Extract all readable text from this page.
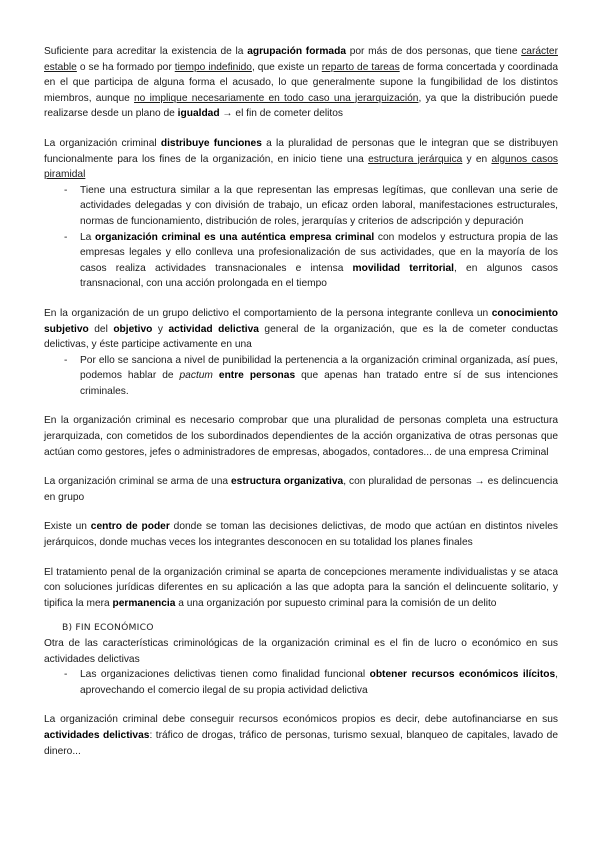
Suficiente para acreditar la existencia de la agrupación formada por más de dos personas, que tiene carácter estable o se ha formado por tiempo indefinido, que existe un reparto de tareas de forma concertada y coordinada en el que participa de alguna forma el acusado, lo que generalmente supone la fungibilidad de los distintos miembros, aunque no implique necesariamente en todo caso una jerarquización, ya que la distribución puede realizarse desde un plano de igualdad → el fin de cometer delitos

La organización criminal distribuye funciones a la pluralidad de personas que le integran que se distribuyen funcionalmente para los fines de la organización, en inicio tiene una estructura jerárquica y en algunos casos piramidal

- Tiene una estructura similar a la que representan las empresas legítimas, que conllevan una serie de actividades delegadas y con división de trabajo, un eficaz orden laboral, manifestaciones estructurales, normas de funcionamiento, distribución de roles, jerarquías y criterios de adscripción y depuración
- La organización criminal es una auténtica empresa criminal con modelos y estructura propia de las empresas legales y ello conlleva una profesionalización de sus actividades, que en la mayoría de los casos realiza actividades transnacionales e intensa movilidad territorial, en algunos casos transnacional, con una acción prolongada en el tiempo

En la organización de un grupo delictivo el comportamiento de la persona integrante conlleva un conocimiento subjetivo del objetivo y actividad delictiva general de la organización, que es la de cometer conductas delictivas, y éste participe activamente en una

- Por ello se sanciona a nivel de punibilidad la pertenencia a la organización criminal organizada, así pues, podemos hablar de pactum entre personas que apenas han tratado entre sí de sus intenciones criminales.

En la organización criminal es necesario comprobar que una pluralidad de personas completa una estructura jerarquizada, con cometidos de los subordinados dependientes de la acción organizativa de otras personas que actúan como gestores, jefes o administradores de empresas, abogados, contadores... de una empresa Criminal

La organización criminal se arma de una estructura organizativa, con pluralidad de personas → es delincuencia en grupo

Existe un centro de poder donde se toman las decisiones delictivas, de modo que actúan en distintos niveles jerárquicos, donde muchas veces los integrantes desconocen en su totalidad los planes finales

El tratamiento penal de la organización criminal se aparta de concepciones meramente individualistas y se ataca con soluciones jurídicas diferentes en su aplicación a las que adopta para la sanción el delincuente solitario, y tipifica la mera permanencia a una organización por supuesto criminal para la comisión de un delito

B) FIN ECONÓMICO

Otra de las características criminológicas de la organización criminal es el fin de lucro o económico en sus actividades delictivas

- Las organizaciones delictivas tienen como finalidad funcional obtener recursos económicos ilícitos, aprovechando el comercio ilegal de su propia actividad delictiva

La organización criminal debe conseguir recursos económicos propios es decir, debe autofinanciarse en sus actividades delictivas: tráfico de drogas, tráfico de personas, turismo sexual, blanqueo de capitales, lavado de dinero...
